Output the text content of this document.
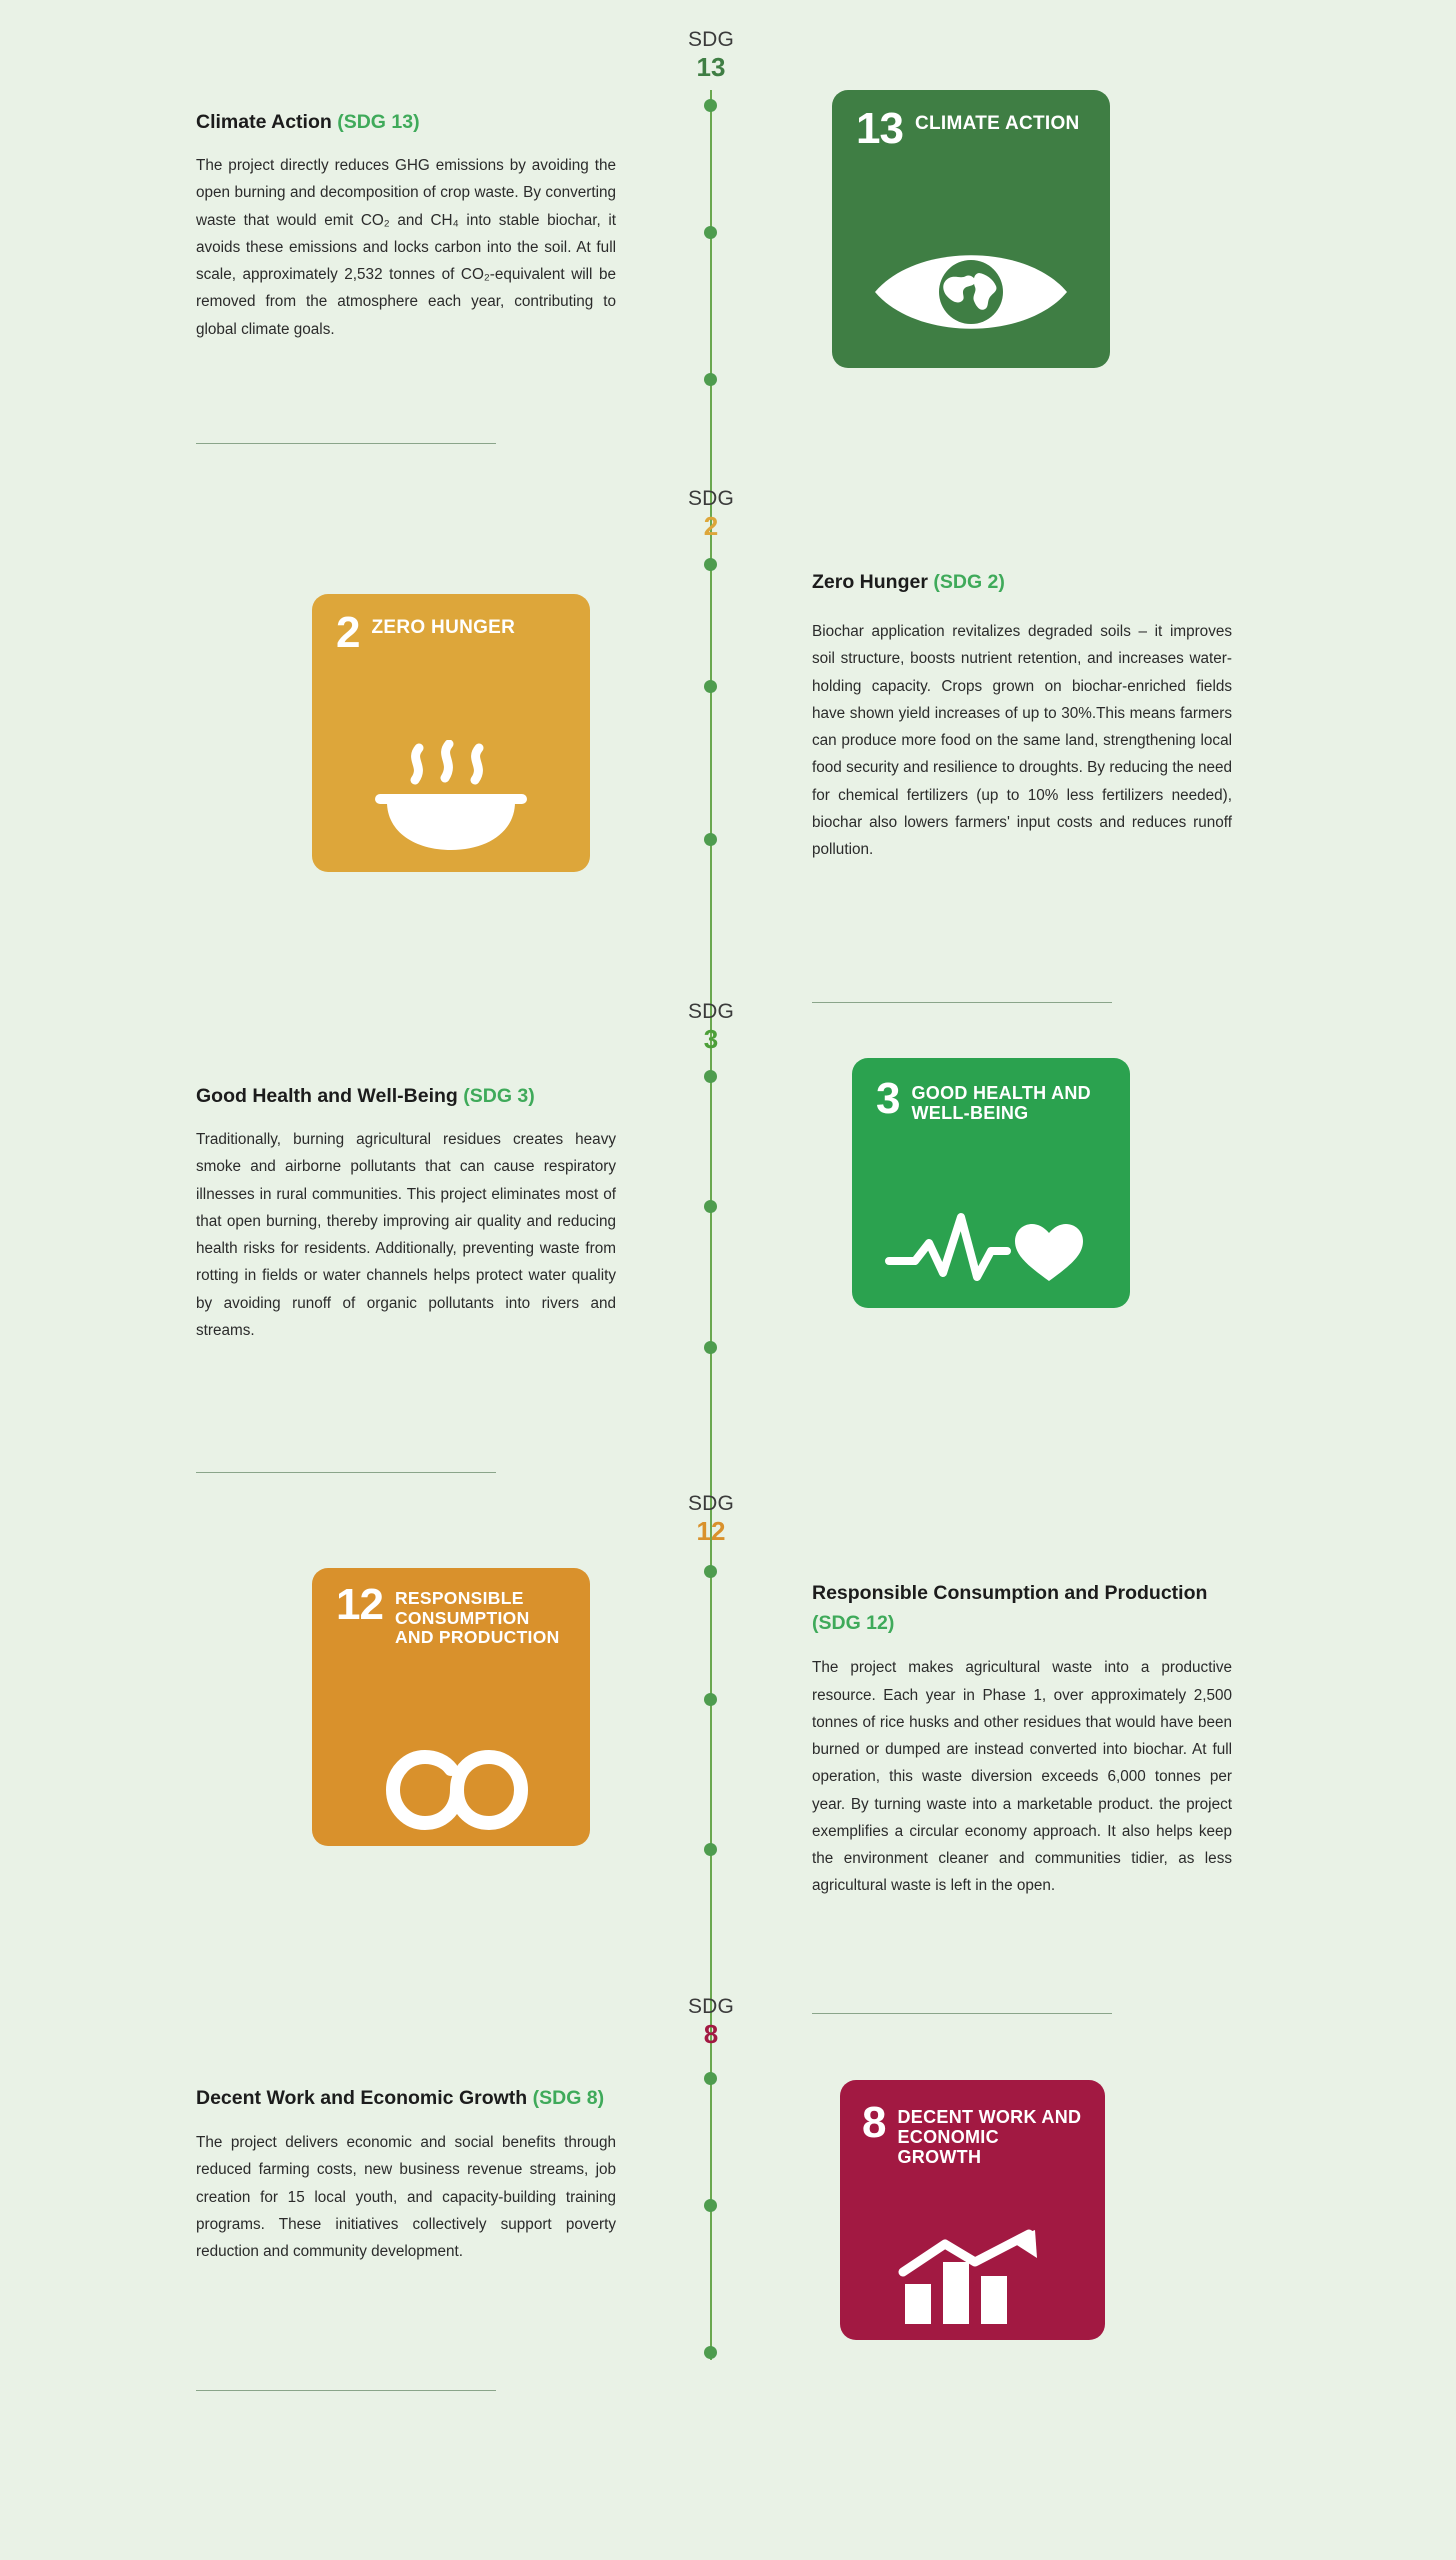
SDG
13
SDG
2
SDG
3
SDG
12
SDG
8
Climate Action (SDG 13)

The project directly reduces GHG emissions by avoiding the open burning and decomposition of crop waste. By converting waste that would emit CO₂ and CH₄ into stable biochar, it avoids these emissions and locks carbon into the soil. At full scale, approximately 2,532 tonnes of CO₂-equivalent will be removed from the atmosphere each year, contributing to global climate goals.

13 CLIMATE ACTION
2 ZERO HUNGER
Zero Hunger (SDG 2)

Biochar application revitalizes degraded soils – it improves soil structure, boosts nutrient retention, and increases water-holding capacity. Crops grown on biochar-enriched fields have shown yield increases of up to 30%.This means farmers can produce more food on the same land, strengthening local food security and resilience to droughts. By reducing the need for chemical fertilizers (up to 10% less fertilizers needed), biochar also lowers farmers' input costs and reduces runoff pollution.

Good Health and Well-Being (SDG 3)

Traditionally, burning agricultural residues creates heavy smoke and airborne pollutants that can cause respiratory illnesses in rural communities. This project eliminates most of that open burning, thereby improving air quality and reducing health risks for residents. Additionally, preventing waste from rotting in fields or water channels helps protect water quality by avoiding runoff of organic pollutants into rivers and streams.

3 GOOD HEALTH AND WELL-BEING
12 RESPONSIBLE CONSUMPTION AND PRODUCTION
Responsible Consumption and Production (SDG 12)

The project makes agricultural waste into a productive resource. Each year in Phase 1, over approximately 2,500 tonnes of rice husks and other residues that would have been burned or dumped are instead converted into biochar. At full operation, this waste diversion exceeds 6,000 tonnes per year. By turning waste into a marketable product. the project exemplifies a circular economy approach. It also helps keep the environment cleaner and communities tidier, as less agricultural waste is left in the open.

Decent Work and Economic Growth (SDG 8)

The project delivers economic and social benefits through reduced farming costs, new business revenue streams, job creation for 15 local youth, and capacity-building training programs. These initiatives collectively support poverty reduction and community development.

8 DECENT WORK AND ECONOMIC GROWTH
